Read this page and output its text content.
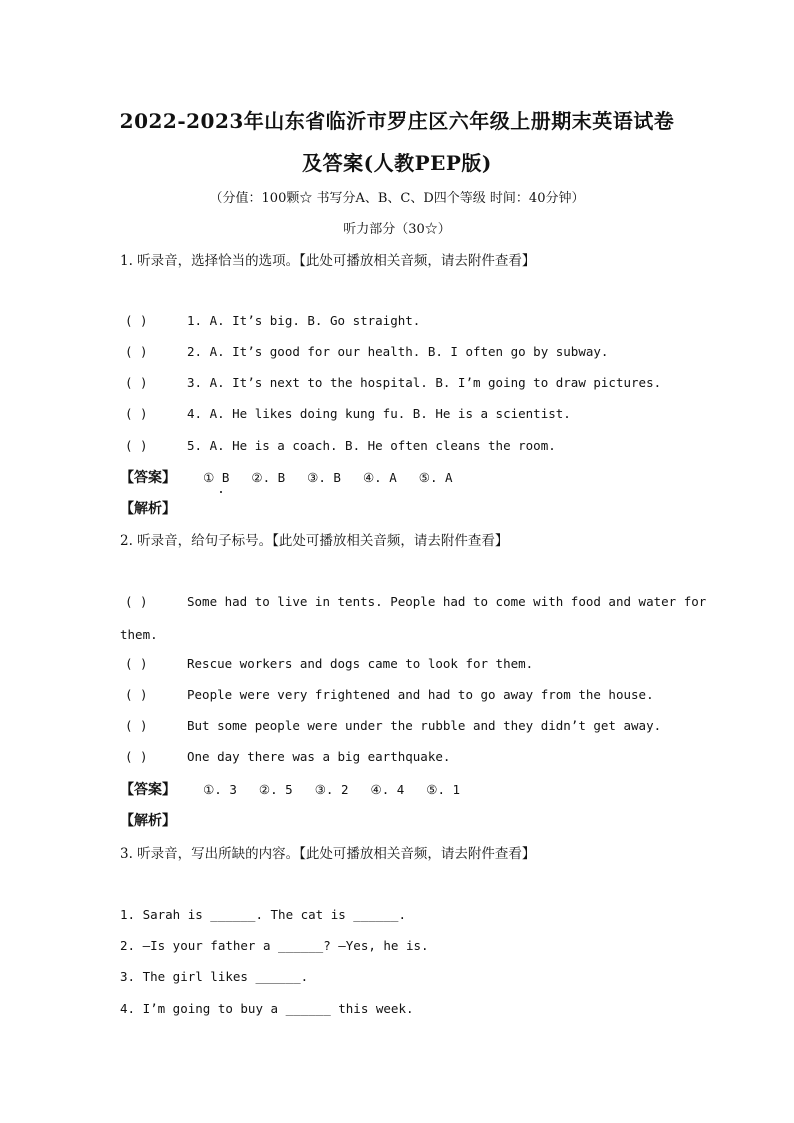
2022-2023年山东省临沂市罗庄区六年级上册期末英语试卷
及答案(人教PEP版)
（分值：100颗☆ 书写分A、B、C、D四个等级 时间：40分钟）
听力部分（30☆）
1. 听录音，选择恰当的选项。【此处可播放相关音频，请去附件查看】
( )	1. A. It’s big. B. Go straight.
( )	2. A. It’s good for our health. B. I often go by subway.
( )	3. A. It’s next to the hospital. B. I’m going to draw pictures.
( )	4. A. He likes doing kung fu. B. He is a scientist.
( )	5. A. He is a coach. B. He often cleans the room.
【答案】 ① B ②. B ③. B ④. A ⑤. A
【解析】
2. 听录音，给句子标号。【此处可播放相关音频，请去附件查看】
( )	Some had to live in tents. People had to come with food and water for
them.
( )	Rescue workers and dogs came to look for them.
( )	People were very frightened and had to go away from the house.
( )	But some people were under the rubble and they didn’t get away.
( )	One day there was a big earthquake.
【答案】 ①. 3 ②. 5 ③. 2 ④. 4 ⑤. 1
【解析】
3. 听录音，写出所缺的内容。【此处可播放相关音频，请去附件查看】
1. Sarah is ______. The cat is ______.
2. —Is your father a ______? —Yes, he is.
3. The girl likes ______.
4. I’m going to buy a ______ this week.
